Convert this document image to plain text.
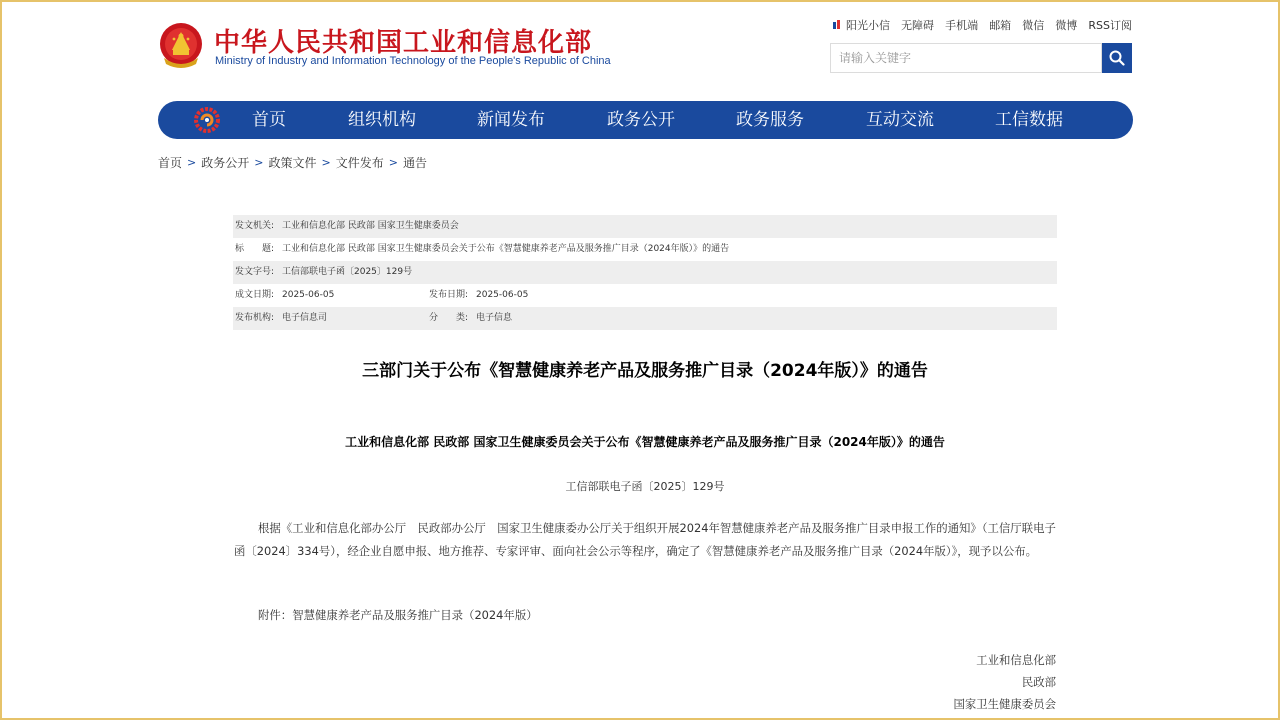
中华人民共和国工业和信息化部
Ministry of Industry and Information Technology of the People's Republic of China
阳光小信 无障碍 手机端 邮箱 微信 微博 RSS订阅
请输入关键字
首页	组织机构	新闻发布	政务公开	政务服务	互动交流	工信数据
首页 > 政务公开 > 政策文件 > 文件发布 > 通告
发文机关: 工业和信息化部 民政部 国家卫生健康委员会
标　　题: 工业和信息化部 民政部 国家卫生健康委员会关于公布《智慧健康养老产品及服务推广目录（2024年版）》的通告
发文字号: 工信部联电子函〔2025〕129号
成文日期: 2025-06-05	发布日期: 2025-06-05
发布机构: 电子信息司	分　　类: 电子信息
三部门关于公布《智慧健康养老产品及服务推广目录（2024年版）》的通告
工业和信息化部 民政部 国家卫生健康委员会关于公布《智慧健康养老产品及服务推广目录（2024年版）》的通告
工信部联电子函〔2025〕129号
根据《工业和信息化部办公厅　民政部办公厅　国家卫生健康委办公厅关于组织开展2024年智慧健康养老产品及服务推广目录申报工作的通知》（工信厅联电子函〔2024〕334号），经企业自愿申报、地方推荐、专家评审、面向社会公示等程序，确定了《智慧健康养老产品及服务推广目录（2024年版）》，现予以公布。
附件：智慧健康养老产品及服务推广目录（2024年版）
工业和信息化部
民政部
国家卫生健康委员会
